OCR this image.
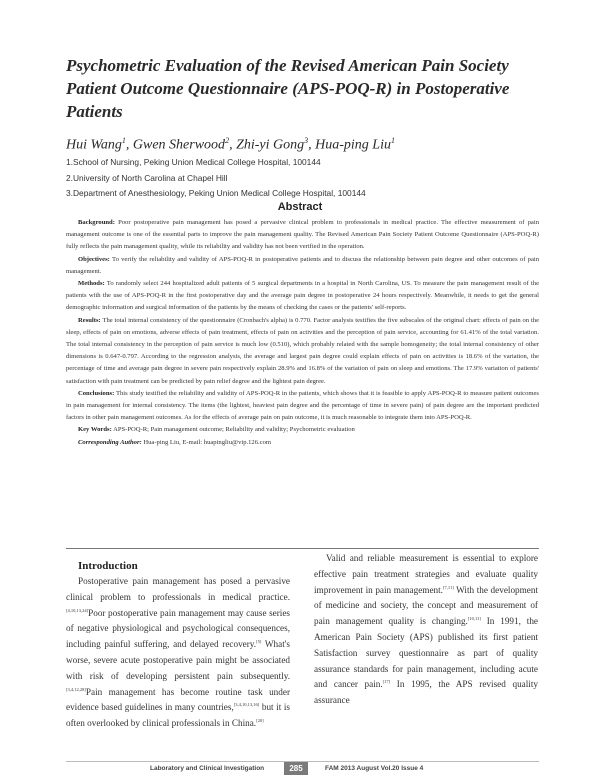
Psychometric Evaluation of the Revised American Pain Society Patient Outcome Questionnaire (APS-POQ-R) in Postoperative Patients
Hui Wang$^1$, Gwen Sherwood$^2$, Zhi-yi Gong$^3$, Hua-ping Liu$^1$
1.School of Nursing, Peking Union Medical College Hospital, 100144
2.University of North Carolina at Chapel Hill
3.Department of Anesthesiology, Peking Union Medical College Hospital, 100144
Abstract

Background: Poor postoperative pain management has posed a pervasive clinical problem to professionals in medical practice. The effective measurement of pain management outcome is one of the essential parts to improve the pain management quality. The Revised American Pain Society Patient Outcome Questionnaire (APS-POQ-R) fully reflects the pain management quality, while its reliability and validity has not been verified in the operation.

Objectives: To verify the reliability and validity of APS-POQ-R in postoperative patients and to discuss the relationship between pain degree and other outcomes of pain management.

Methods: To randomly select 244 hospitalized adult patients of 5 surgical departments in a hospital in North Carolina, US. To measure the pain management result of the patients with the use of APS-POQ-R in the first postoperative day and the average pain degree in postoperative 24 hours respectively. Meanwhile, it needs to get the general demographic information and surgical information of the patients by the means of checking the cases or the patients' self-reports.

Results: The total internal consistency of the questionnaire (Cronbach's alpha) is 0.770. Factor analysis testifies the five subscales of the original chart: effects of pain on the sleep, effects of pain on emotions, adverse effects of pain treatment, effects of pain on activities and the perception of pain service, accounting for 61.41% of the total variation. The total internal consistency in the perception of pain service is much low (0.510), which probably related with the sample homogeneity; the total internal consistency of other dimensions is 0.647-0.797. According to the regression analysis, the average and largest pain degree could explain effects of pain on activities is 18.6% of the variation, the percentage of time and average pain degree in severe pain respectively explain 28.9% and 16.8% of the variation of pain on sleep and emotions. The 17.9% variation of patients' satisfaction with pain treatment can be predicted by pain relief degree and the lightest pain degree.

Conclusions: This study testified the reliability and validity of APS-POQ-R in the patients, which shows that it is feasible to apply APS-POQ-R to measure patient outcomes in pain management for internal consistency. The items (the lightest, heaviest pain degree and the percentage of time in severe pain) of pain degree are the important predicted factors in other pain management outcomes. As for the effects of average pain on pain outcome, it is much reasonable to integrate them into APS-POQ-R.

Key Words: APS-POQ-R; Pain management outcome; Reliability and validity; Psychometric evaluation

Corresponding Author: Hua-ping Liu, E-mail: huapingliu@vip.126.com

Introduction

Postoperative pain management has posed a pervasive clinical problem to professionals in medical practice. [4,10,13,24]Poor postoperative pain management may cause series of negative physiological and psychological consequences, including painful suffering, and delayed recovery.[5] What's worse, severe acute postoperative pain might be associated with risk of developing persistent pain subsequently.[3,4,12,28]Pain management has become routine task under evidence based guidelines in many countries,[3,4,10,13,16] but it is often overlooked by clinical professionals in China.[20]

Valid and reliable measurement is essential to explore effective pain treatment strategies and evaluate quality improvement in pain management.[7,11] With the development of medicine and society, the concept and measurement of pain management quality is changing.[10,11] In 1991, the American Pain Society (APS) published its first patient Satisfaction survey questionnaire as part of quality assurance standards for pain management, including acute and cancer pain.[17] In 1995, the APS revised quality assurance

Laboratory and Clinical Investigation	285	FAM 2013 August Vol.20 Issue 4
